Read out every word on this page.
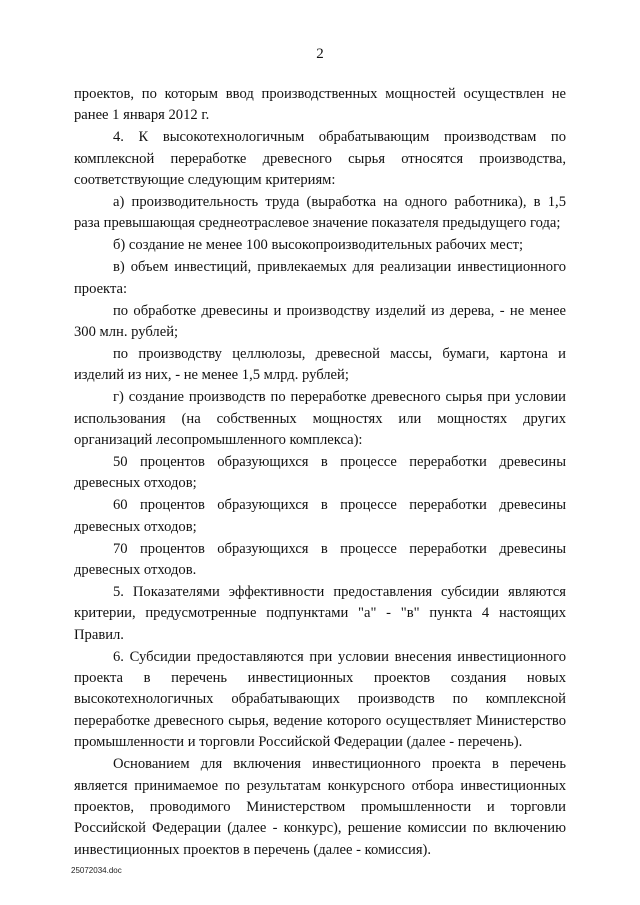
2

проектов, по которым ввод производственных мощностей осуществлен не ранее 1 января 2012 г.

4. К высокотехнологичным обрабатывающим производствам по комплексной переработке древесного сырья относятся производства, соответствующие следующим критериям:

а) производительность труда (выработка на одного работника), в 1,5 раза превышающая среднеотраслевое значение показателя предыдущего года;

б) создание не менее 100 высокопроизводительных рабочих мест;

в) объем инвестиций, привлекаемых для реализации инвестиционного проекта:

по обработке древесины и производству изделий из дерева, - не менее 300 млн. рублей;

по производству целлюлозы, древесной массы, бумаги, картона и изделий из них, - не менее 1,5 млрд. рублей;

г) создание производств по переработке древесного сырья при условии использования (на собственных мощностях или мощностях других организаций лесопромышленного комплекса):

50 процентов образующихся в процессе переработки древесины древесных отходов;

60 процентов образующихся в процессе переработки древесины древесных отходов;

70 процентов образующихся в процессе переработки древесины древесных отходов.

5. Показателями эффективности предоставления субсидии являются критерии, предусмотренные подпунктами "а" - "в" пункта 4 настоящих Правил.

6. Субсидии предоставляются при условии внесения инвестиционного проекта в перечень инвестиционных проектов создания новых высокотехнологичных обрабатывающих производств по комплексной переработке древесного сырья, ведение которого осуществляет Министерство промышленности и торговли Российской Федерации (далее - перечень).

Основанием для включения инвестиционного проекта в перечень является принимаемое по результатам конкурсного отбора инвестиционных проектов, проводимого Министерством промышленности и торговли Российской Федерации (далее - конкурс), решение комиссии по включению инвестиционных проектов в перечень (далее - комиссия).

25072034.doc
